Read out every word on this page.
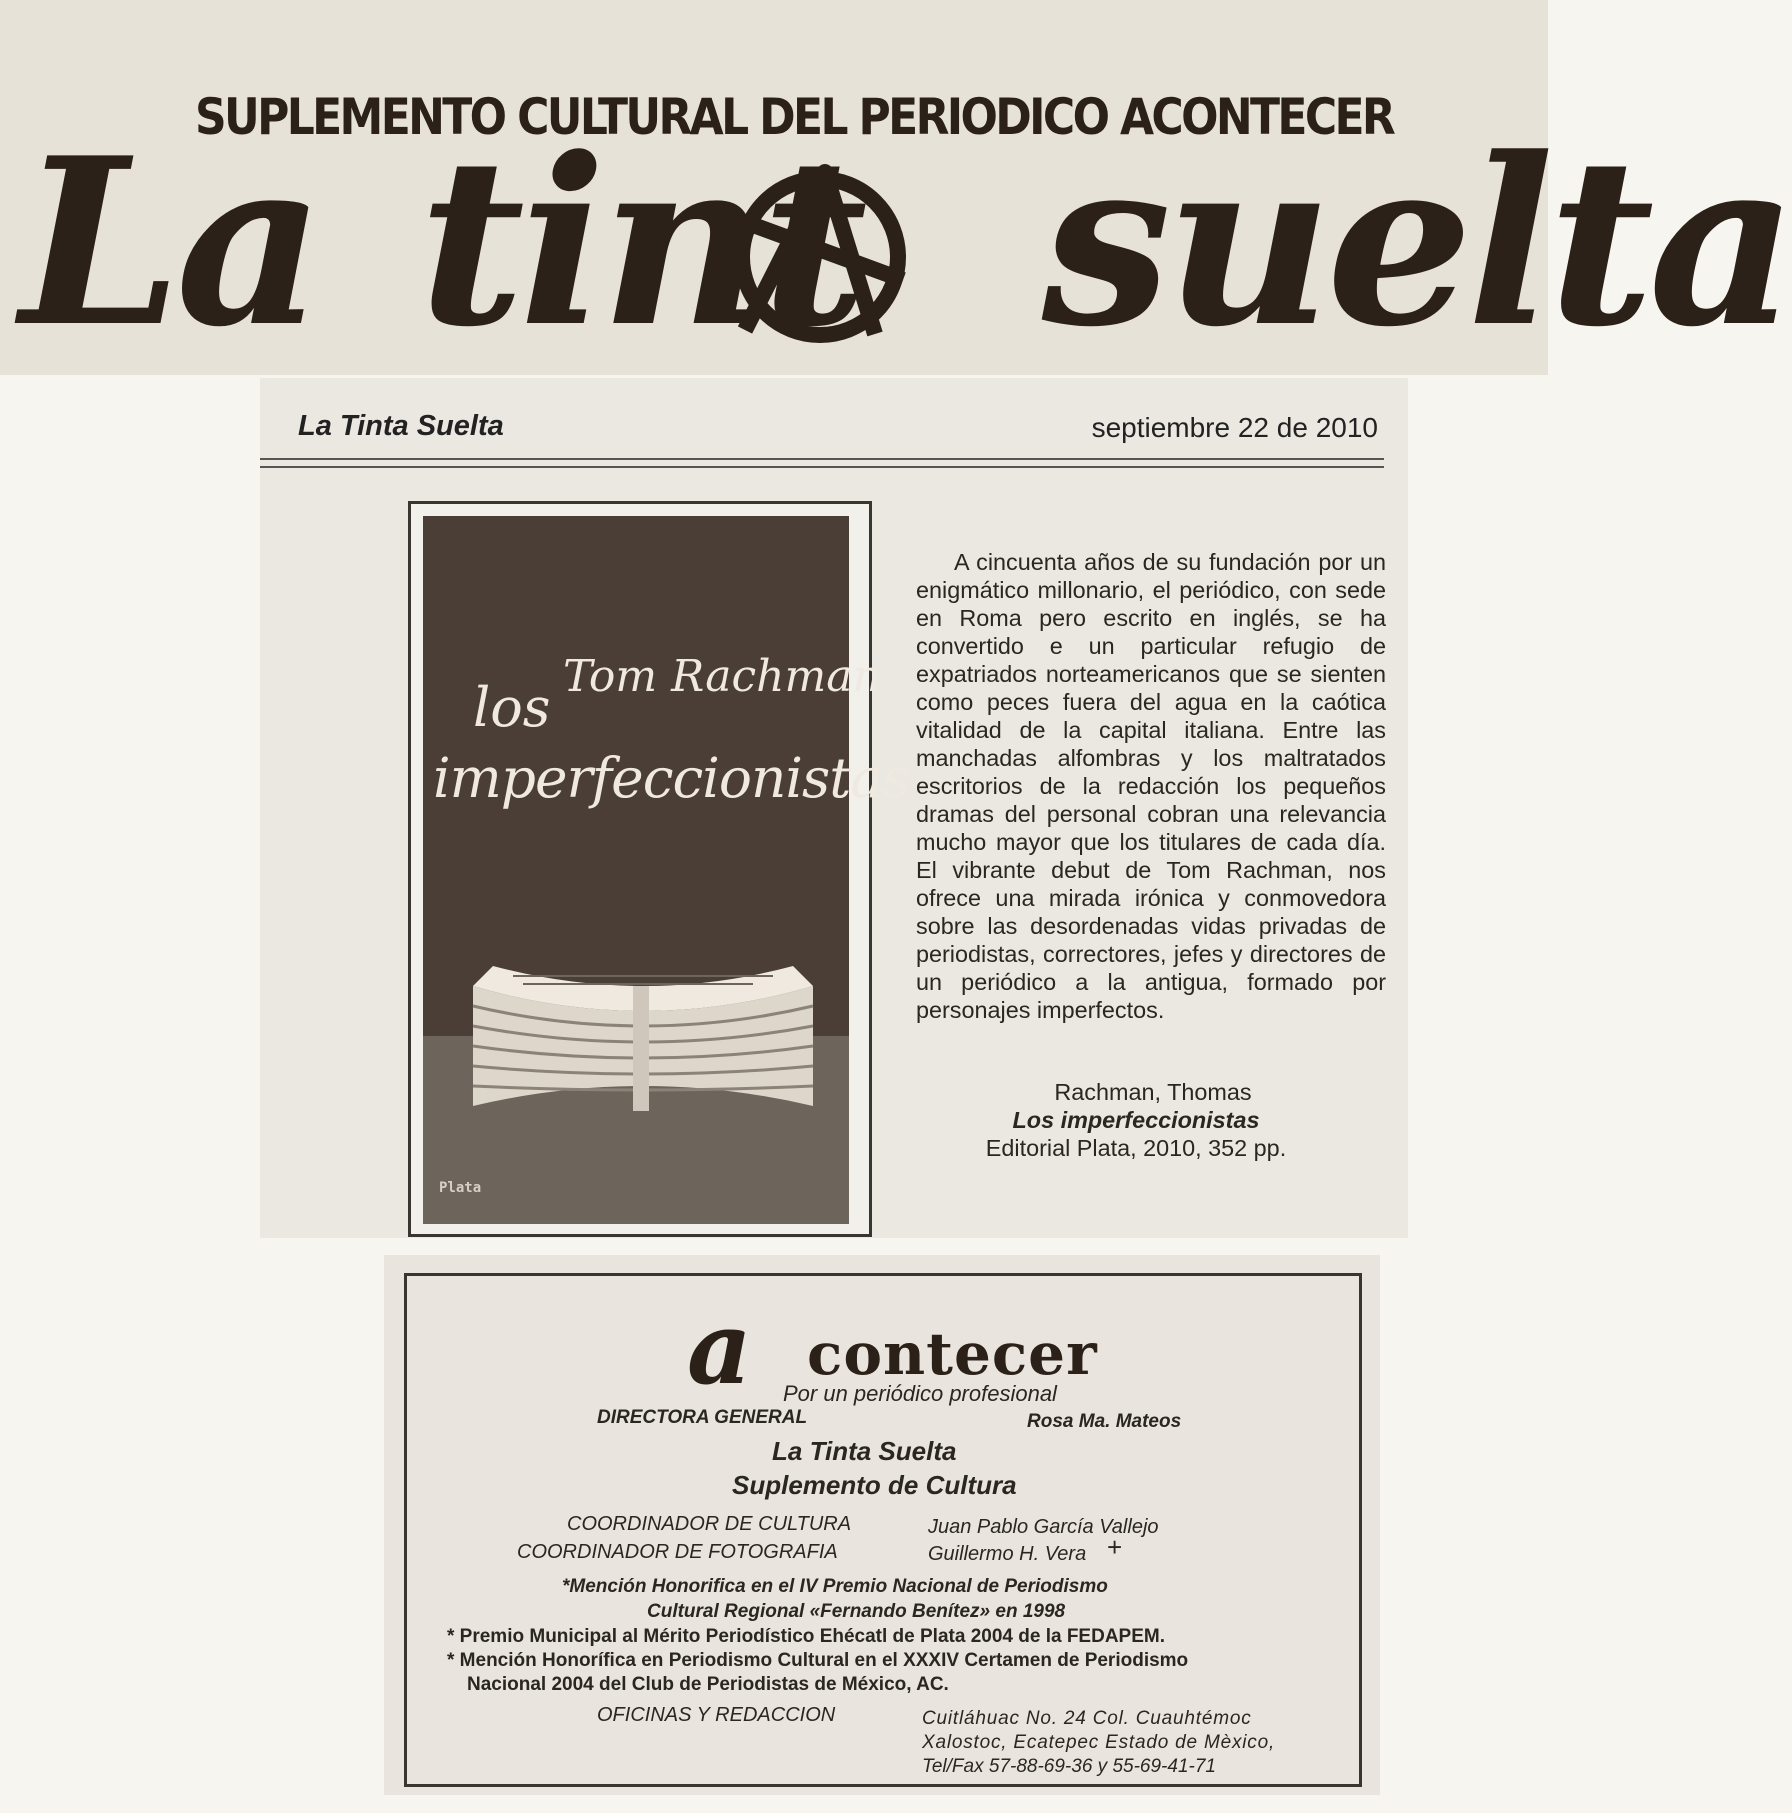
SUPLEMENTO CULTURAL DEL PERIODICO ACONTECER
La tint suelta
La Tinta Suelta	septiembre 22 de 2010
Tom Rachman
los
imperfeccionistas
Plata
A cincuenta años de su fundación por un enigmático millonario, el periódico, con sede en Roma pero escrito en inglés, se ha convertido e un particular refugio de expatriados norteamericanos que se sienten como peces fuera del agua en la caótica vitalidad de la capital italiana. Entre las manchadas alfombras y los maltratados escritorios de la redacción los pequeños dramas del personal cobran una relevancia mucho mayor que los titulares de cada día. El vibrante debut de Tom Rachman, nos ofrece una mirada irónica y conmovedora sobre las desordenadas vidas privadas de periodistas, correctores, jefes y directores de un periódico a la antigua, formado por personajes imperfectos.
Rachman, Thomas
Los imperfeccionistas
Editorial Plata, 2010, 352 pp.
a contecer
Por un periódico profesional
DIRECTORA GENERAL	Rosa Ma. Mateos
La Tinta Suelta
Suplemento de Cultura
COORDINADOR DE CULTURA	Juan Pablo García Vallejo
COORDINADOR DE FOTOGRAFIA	Guillermo H. Vera +
*Mención Honorifica en el IV Premio Nacional de Periodismo
Cultural Regional «Fernando Benítez» en 1998
* Premio Municipal al Mérito Periodístico Ehécatl de Plata 2004 de la FEDAPEM.
* Mención Honorífica en Periodismo Cultural en el XXXIV Certamen de Periodismo
Nacional 2004 del Club de Periodistas de México, AC.
OFICINAS Y REDACCION	Cuitláhuac No. 24 Col. Cuauhtémoc
Xalostoc, Ecatepec Estado de Mèxico,
Tel/Fax 57-88-69-36 y 55-69-41-71
